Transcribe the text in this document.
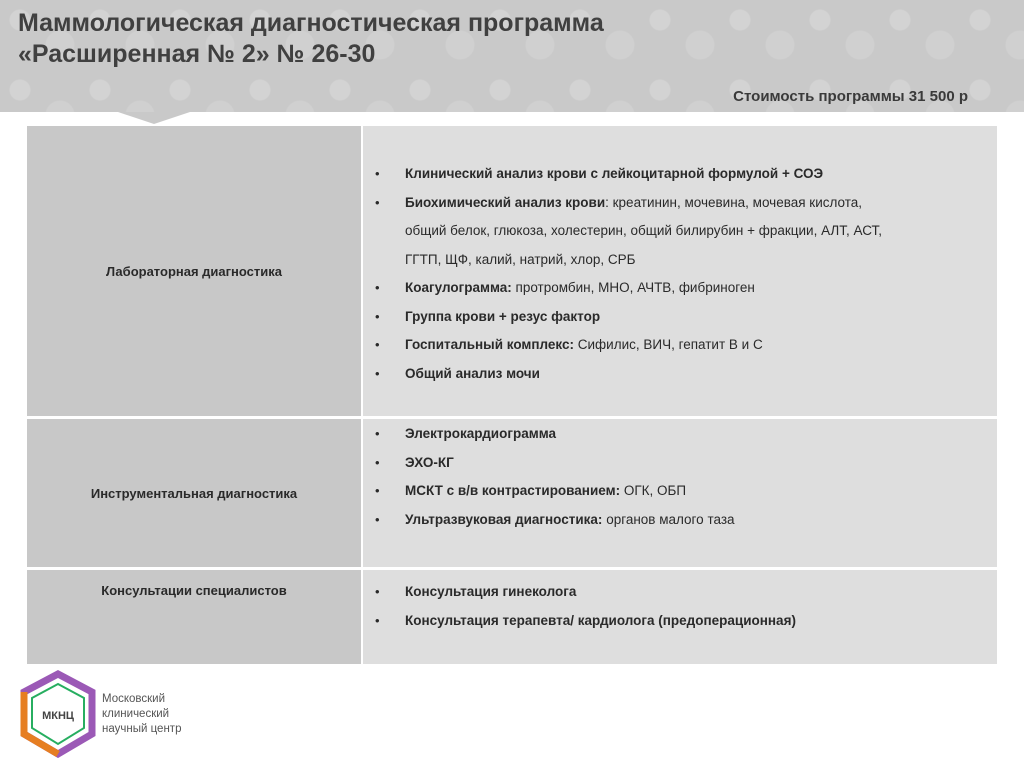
Маммологическая диагностическая программа
«Расширенная № 2» № 26-30
Стоимость программы 31 500 р
Лабораторная диагностика
• Клинический анализ крови с лейкоцитарной формулой + СОЭ
• Биохимический анализ крови: креатинин, мочевина, мочевая кислота,
общий белок, глюкоза, холестерин, общий билирубин + фракции, АЛТ, АСТ,
ГГТП, ЩФ, калий, натрий, хлор, СРБ
• Коагулограмма: протромбин, МНО, АЧТВ, фибриноген
• Группа крови + резус фактор
• Госпитальный комплекс: Сифилис, ВИЧ, гепатит В и С
• Общий анализ мочи
Инструментальная диагностика
• Электрокардиограмма
• ЭХО-КГ
• МСКТ с в/в контрастированием: ОГК, ОБП
• Ультразвуковая диагностика: органов малого таза
Консультации специалистов
•	Консультация гинеколога
• Консультация терапевта/ кардиолога (предоперационная)
МКНЦ
Московский
клинический
научный центр
